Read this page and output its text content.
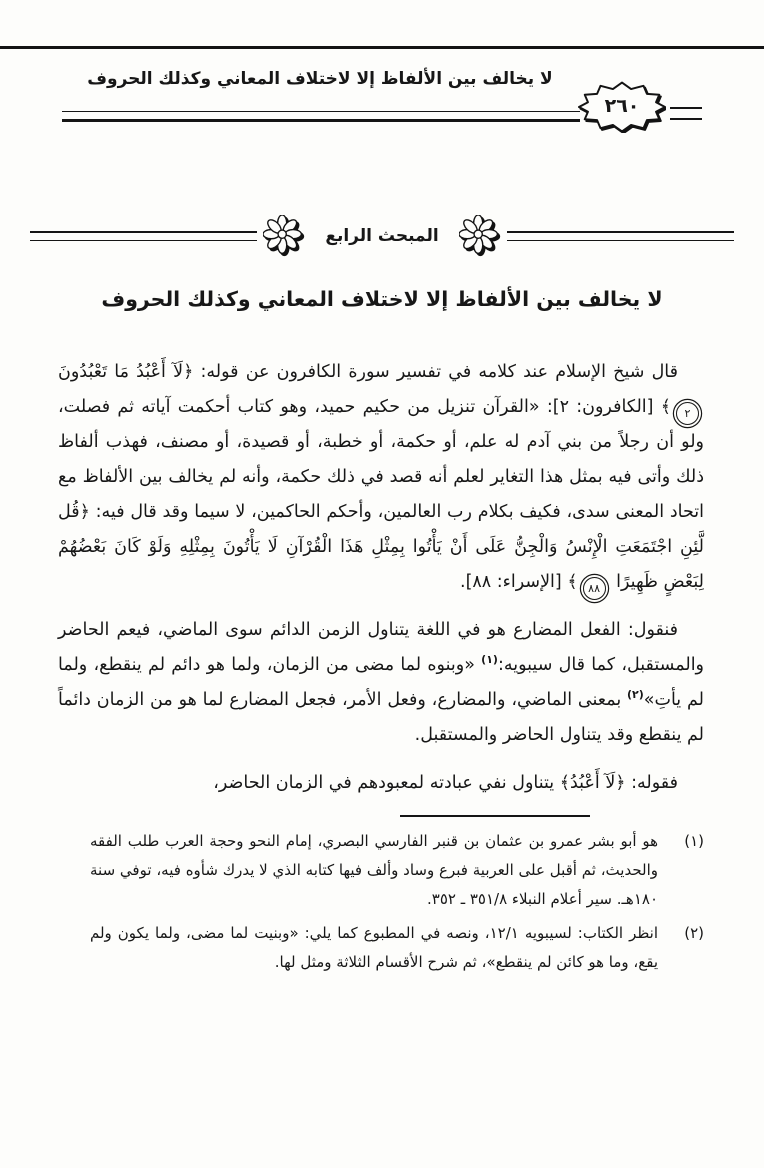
لا يخالف بين الألفاظ إلا لاختلاف المعاني وكذلك الحروف
٢٦٠
المبحث الرابع
لا يخالف بين الألفاظ إلا لاختلاف المعاني وكذلك الحروف

قال شيخ الإسلام عند كلامه في تفسير سورة الكافرون عن قوله: ﴿لَآ أَعْبُدُ مَا تَعْبُدُونَ ٢﴾ [الكافرون: ٢]: «القرآن تنزيل من حكيم حميد، وهو كتاب أحكمت آياته ثم فصلت، ولو أن رجلاً من بني آدم له علم، أو حكمة، أو خطبة، أو قصيدة، أو مصنف، فهذب ألفاظ ذلك وأتى فيه بمثل هذا التغاير لعلم أنه قصد في ذلك حكمة، وأنه لم يخالف بين الألفاظ مع اتحاد المعنى سدى، فكيف بكلام رب العالمين، وأحكم الحاكمين، لا سيما وقد قال فيه: ﴿قُل لَّئِنِ اجْتَمَعَتِ الْإِنْسُ وَالْجِنُّ عَلَى أَنْ يَأْتُوا بِمِثْلِ هَذَا الْقُرْآنِ لَا يَأْتُونَ بِمِثْلِهِ وَلَوْ كَانَ بَعْضُهُمْ لِبَعْضٍ ظَهِيرًا ٨٨﴾ [الإسراء: ٨٨].

فنقول: الفعل المضارع هو في اللغة يتناول الزمن الدائم سوى الماضي، فيعم الحاضر والمستقبل، كما قال سيبويه:$^{(١)}$ «وبنوه لما مضى من الزمان، ولما هو دائم لم ينقطع، ولما لم يأتِ»$^{(٢)}$ بمعنى الماضي، والمضارع، وفعل الأمر، فجعل المضارع لما هو من الزمان دائماً لم ينقطع وقد يتناول الحاضر والمستقبل.

فقوله: ﴿لَآ أَعْبُدُ﴾ يتناول نفي عبادته لمعبودهم في الزمان الحاضر،

(١)
هو أبو بشر عمرو بن عثمان بن قنبر الفارسي البصري، إمام النحو وحجة العرب طلب الفقه والحديث، ثم أقبل على العربية فبرع وساد وألف فيها كتابه الذي لا يدرك شأوه فيه، توفي سنة ١٨٠هـ. سير أعلام النبلاء ٣٥١/٨ ـ ٣٥٢.
(٢)
انظر الكتاب: لسيبويه ١٢/١، ونصه في المطبوع كما يلي: «وبنيت لما مضى، ولما يكون ولم يقع، وما هو كائن لم ينقطع»، ثم شرح الأقسام الثلاثة ومثل لها.
